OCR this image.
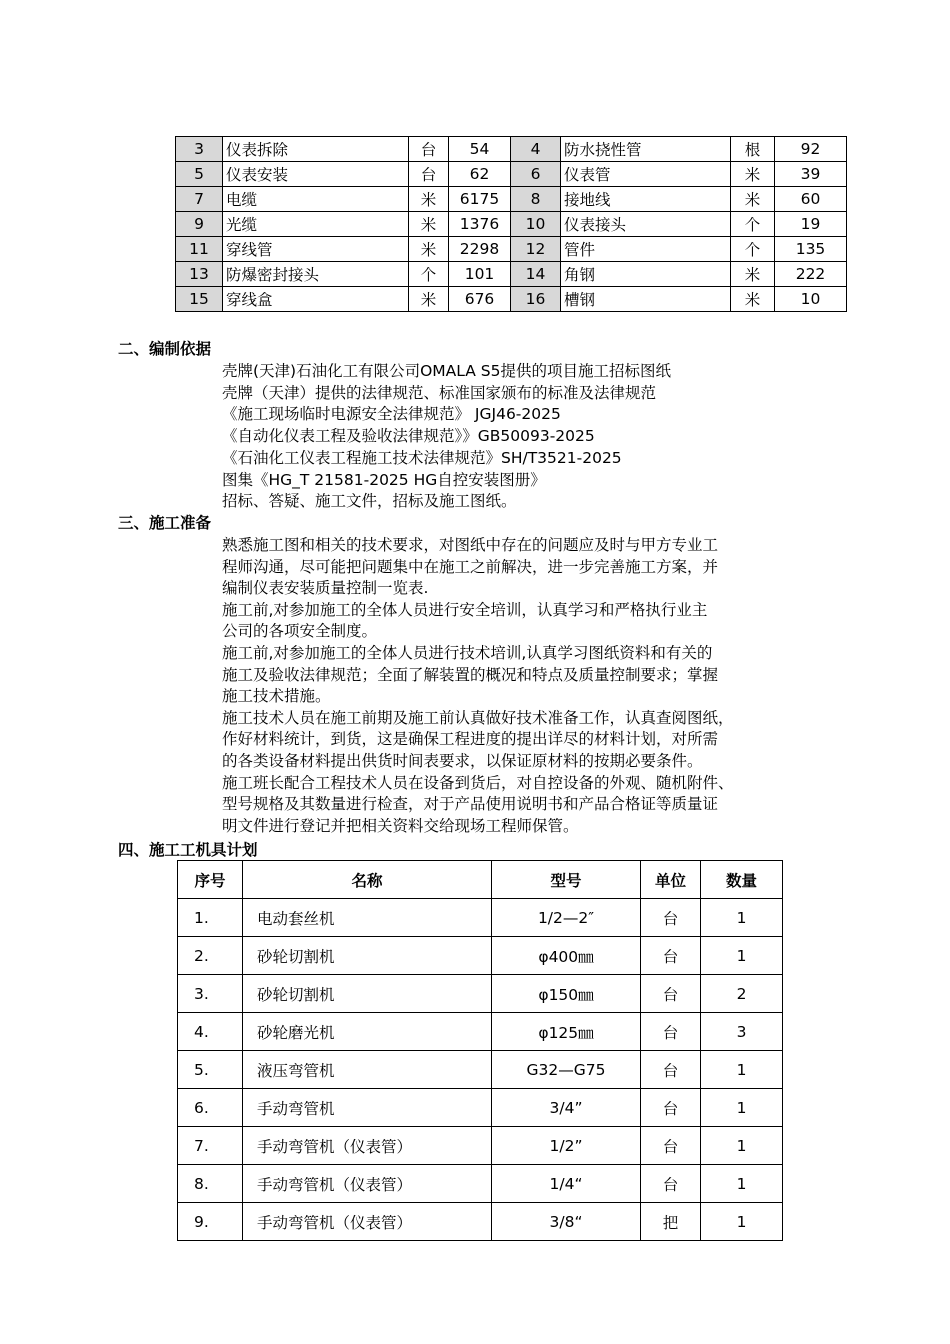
3	仪表拆除	台	54	4	防水挠性管	根	92
5	仪表安装	台	62	6	仪表管	米	39
7	电缆	米	6175	8	接地线	米	60
9	光缆	米	1376	10	仪表接头	个	19
11	穿线管	米	2298	12	管件	个	135
13	防爆密封接头	个	101	14	角钢	米	222
15	穿线盒	米	676	16	槽钢	米	10
二、编制依据
壳牌(天津)石油化工有限公司OMALA S5提供的项目施工招标图纸
壳牌（天津）提供的法律规范、标准国家颁布的标准及法律规范
《施工现场临时电源安全法律规范》 JGJ46-2025
《自动化仪表工程及验收法律规范》》GB50093-2025
《石油化工仪表工程施工技术法律规范》SH/T3521-2025
图集《HG_T 21581-2025 HG自控安装图册》
招标、答疑、施工文件，招标及施工图纸。
三、施工准备
熟悉施工图和相关的技术要求，对图纸中存在的问题应及时与甲方专业工
程师沟通，尽可能把问题集中在施工之前解决，进一步完善施工方案，并
编制仪表安装质量控制一览表.
施工前,对参加施工的全体人员进行安全培训，认真学习和严格执行业主
公司的各项安全制度。
施工前,对参加施工的全体人员进行技术培训,认真学习图纸资料和有关的
施工及验收法律规范；全面了解装置的概况和特点及质量控制要求；掌握
施工技术措施。
施工技术人员在施工前期及施工前认真做好技术准备工作，认真查阅图纸，
作好材料统计，到货，这是确保工程进度的提出详尽的材料计划，对所需
的各类设备材料提出供货时间表要求，以保证原材料的按期必要条件。
施工班长配合工程技术人员在设备到货后，对自控设备的外观、随机附件、
型号规格及其数量进行检查，对于产品使用说明书和产品合格证等质量证
明文件进行登记并把相关资料交给现场工程师保管。
四、施工工机具计划
序号	名称	型号	单位	数量
1.	电动套丝机	1/2—2″	台	1
2.	砂轮切割机	φ400㎜	台	1
3.	砂轮切割机	φ150㎜	台	2
4.	砂轮磨光机	φ125㎜	台	3
5.	液压弯管机	G32—G75	台	1
6.	手动弯管机	3/4”	台	1
7.	手动弯管机（仪表管）	1/2”	台	1
8.	手动弯管机（仪表管）	1/4“	台	1
9.	手动弯管机（仪表管）	3/8“	把	1
